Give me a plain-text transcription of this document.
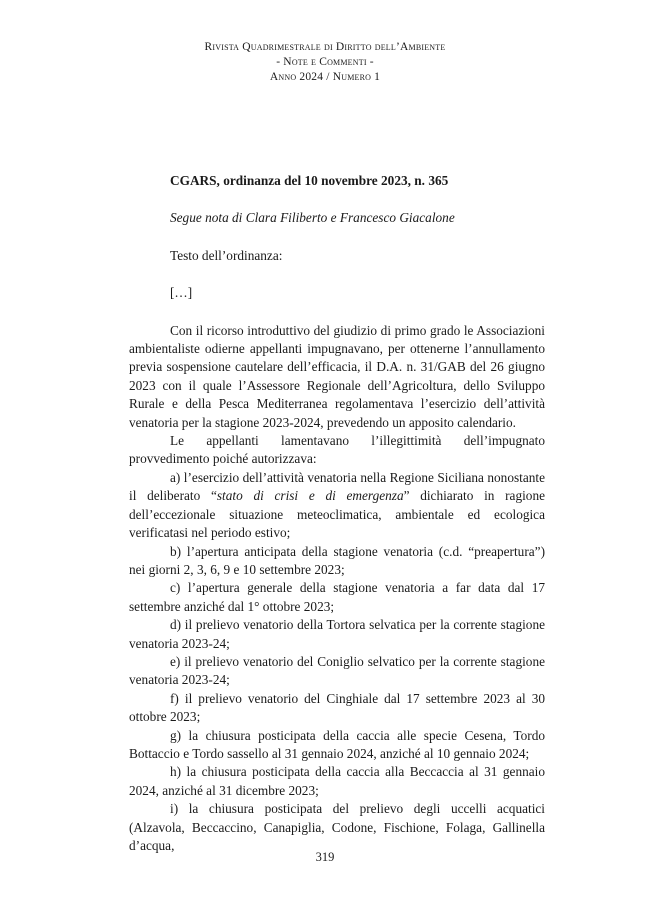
Rivista Quadrimestrale di Diritto dell’Ambiente
- Note e Commenti -
Anno 2024 / Numero 1
CGARS, ordinanza del 10 novembre 2023, n. 365
Segue nota di Clara Filiberto e Francesco Giacalone
Testo dell’ordinanza:
[…]

Con il ricorso introduttivo del giudizio di primo grado le Associazioni ambientaliste odierne appellanti impugnavano, per ottenerne l’annullamento previa sospensione cautelare dell’efficacia, il D.A. n. 31/GAB del 26 giugno 2023 con il quale l’Assessore Regionale dell’Agricoltura, dello Sviluppo Rurale e della Pesca Mediterranea regolamentava l’esercizio dell’attività venatoria per la stagione 2023-2024, prevedendo un apposito calendario.

Le appellanti lamentavano l’illegittimità dell’impugnato provvedimento poiché autorizzava:

a) l’esercizio dell’attività venatoria nella Regione Siciliana nonostante il deliberato “stato di crisi e di emergenza” dichiarato in ragione dell’eccezionale situazione meteoclimatica, ambientale ed ecologica verificatasi nel periodo estivo;

b) l’apertura anticipata della stagione venatoria (c.d. “preapertura”) nei giorni 2, 3, 6, 9 e 10 settembre 2023;

c) l’apertura generale della stagione venatoria a far data dal 17 settembre anziché dal 1° ottobre 2023;

d) il prelievo venatorio della Tortora selvatica per la corrente stagione venatoria 2023-24;

e) il prelievo venatorio del Coniglio selvatico per la corrente stagione venatoria 2023-24;

f) il prelievo venatorio del Cinghiale dal 17 settembre 2023 al 30 ottobre 2023;

g) la chiusura posticipata della caccia alle specie Cesena, Tordo Bottaccio e Tordo sassello al 31 gennaio 2024, anziché al 10 gennaio 2024;

h) la chiusura posticipata della caccia alla Beccaccia al 31 gennaio 2024, anziché al 31 dicembre 2023;

i) la chiusura posticipata del prelievo degli uccelli acquatici (Alzavola, Beccaccino, Canapiglia, Codone, Fischione, Folaga, Gallinella d’acqua,

319
